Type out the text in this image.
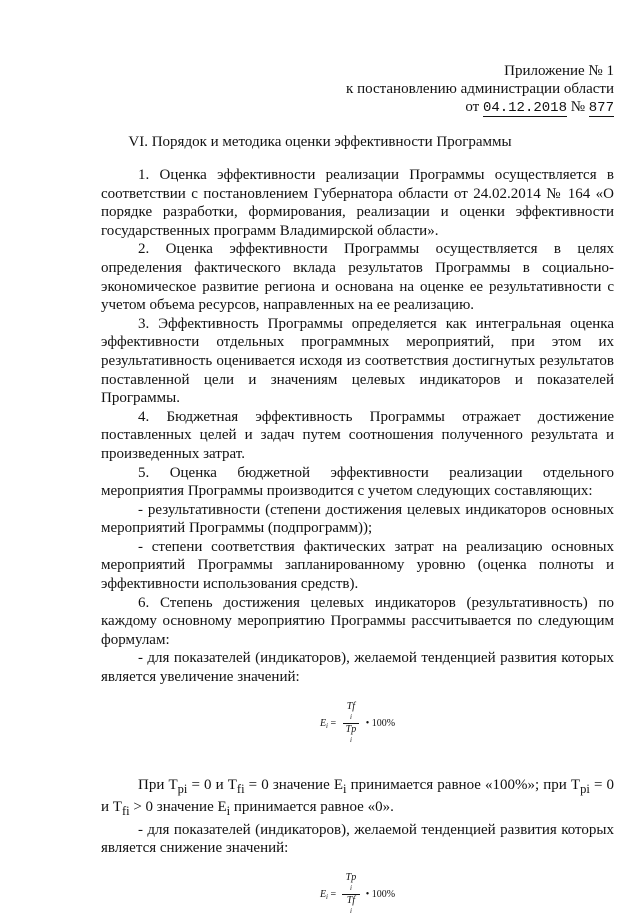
Приложение № 1
к постановлению администрации области
от 04.12.2018 № 877
VI. Порядок и методика оценки эффективности Программы

1. Оценка эффективности реализации Программы осуществляется в соответствии с постановлением Губернатора области от 24.02.2014 № 164 «О порядке разработки, формирования, реализации и оценки эффективности государственных программ Владимирской области».

2. Оценка эффективности Программы осуществляется в целях определения фактического вклада результатов Программы в социально-экономическое развитие региона и основана на оценке ее результативности с учетом объема ресурсов, направленных на ее реализацию.

3. Эффективность Программы определяется как интегральная оценка эффективности отдельных программных мероприятий, при этом их результативность оценивается исходя из соответствия достигнутых результатов поставленной цели и значениям целевых индикаторов и показателей Программы.

4. Бюджетная эффективность Программы отражает достижение поставленных целей и задач путем соотношения полученного результата и произведенных затрат.

5. Оценка бюджетной эффективности реализации отдельного мероприятия Программы производится с учетом следующих составляющих:

- результативности (степени достижения целевых индикаторов основных мероприятий Программы (подпрограмм));

- степени соответствия фактических затрат на реализацию основных мероприятий Программы запланированному уровню (оценка полноты и эффективности использования средств).

6. Степень достижения целевых индикаторов (результативность) по каждому основному мероприятию Программы рассчитывается по следующим формулам:

- для показателей (индикаторов), желаемой тенденцией развития которых является увеличение значений:

$E_i = Tf$
i
Tp
i • 100%

При $T_{pi} = 0$ и $T_{fi} = 0$ значение $E_i$ принимается равное «100%»; при $T_{pi} = 0$ и $T_{fi} > 0$ значение $E_i$ принимается равное «0».

- для показателей (индикаторов), желаемой тенденцией развития которых является снижение значений:

$E_i = Tp$
i
Tf
i • 100%
